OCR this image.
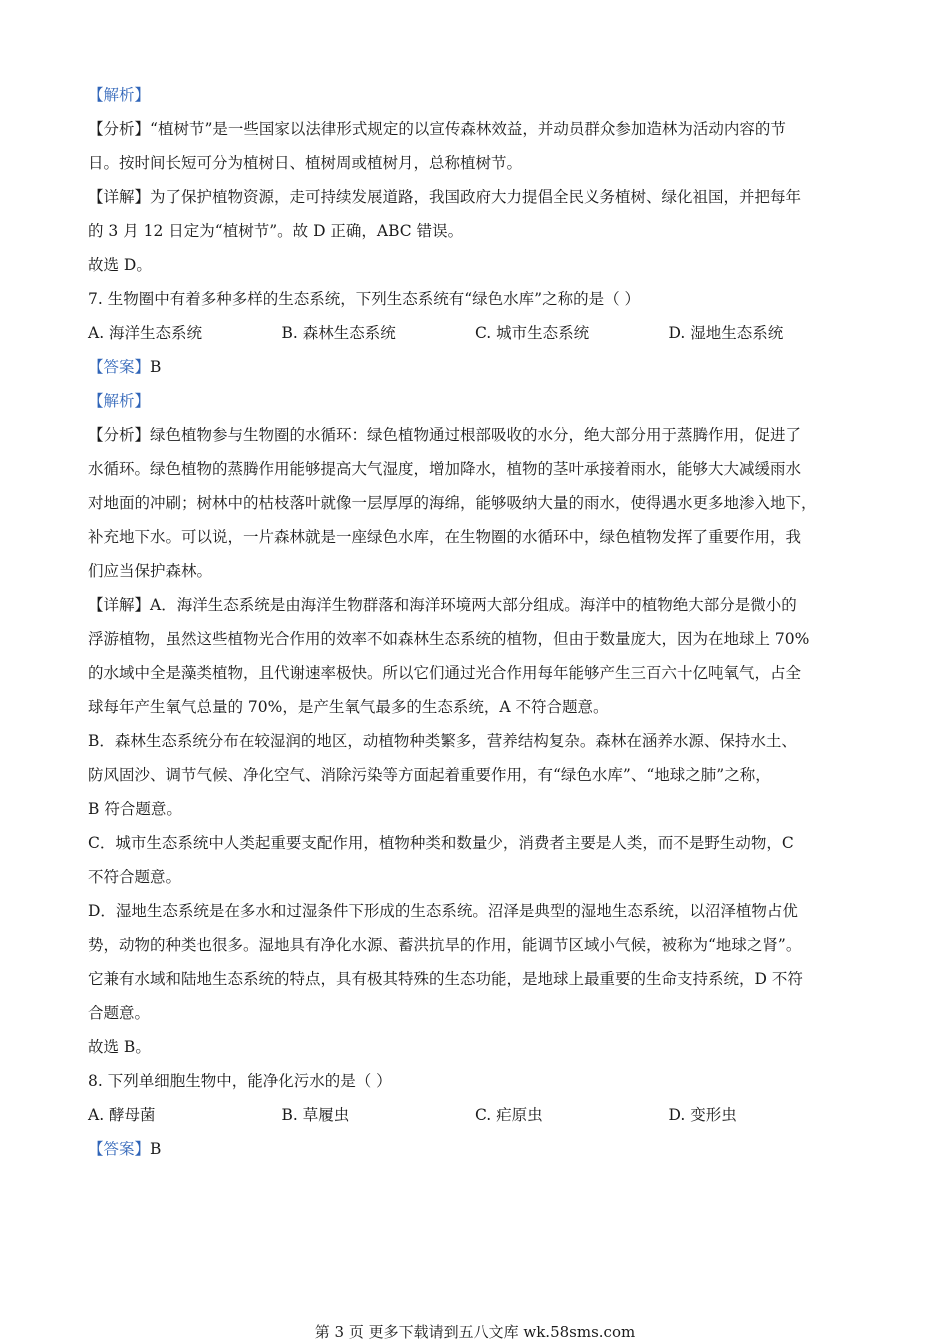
【解析】
【分析】“植树节”是一些国家以法律形式规定的以宣传森林效益，并动员群众参加造林为活动内容的节
日。按时间长短可分为植树日、植树周或植树月，总称植树节。
【详解】为了保护植物资源，走可持续发展道路，我国政府大力提倡全民义务植树、绿化祖国，并把每年
的 3 月 12 日定为“植树节”。故 D 正确，ABC 错误。
故选 D。
7. 生物圈中有着多种多样的生态系统，下列生态系统有“绿色水库”之称的是（ ）
A. 海洋生态系统	B. 森林生态系统	C. 城市生态系统	D. 湿地生态系统
【答案】B
【解析】
【分析】绿色植物参与生物圈的水循环：绿色植物通过根部吸收的水分，绝大部分用于蒸腾作用，促进了
水循环。绿色植物的蒸腾作用能够提高大气湿度，增加降水，植物的茎叶承接着雨水，能够大大减缓雨水
对地面的冲刷；树林中的枯枝落叶就像一层厚厚的海绵，能够吸纳大量的雨水，使得遇水更多地渗入地下，
补充地下水。可以说，一片森林就是一座绿色水库，在生物圈的水循环中，绿色植物发挥了重要作用，我
们应当保护森林。
【详解】A．海洋生态系统是由海洋生物群落和海洋环境两大部分组成。海洋中的植物绝大部分是微小的
浮游植物，虽然这些植物光合作用的效率不如森林生态系统的植物，但由于数量庞大，因为在地球上 70%
的水域中全是藻类植物，且代谢速率极快。所以它们通过光合作用每年能够产生三百六十亿吨氧气，占全
球每年产生氧气总量的 70%，是产生氧气最多的生态系统，A 不符合题意。
B．森林生态系统分布在较湿润的地区，动植物种类繁多，营养结构复杂。森林在涵养水源、保持水土、
防风固沙、调节气候、净化空气、消除污染等方面起着重要作用，有“绿色水库”、“地球之肺”之称，
B 符合题意。
C．城市生态系统中人类起重要支配作用，植物种类和数量少，消费者主要是人类，而不是野生动物，C
不符合题意。
D．湿地生态系统是在多水和过湿条件下形成的生态系统。沼泽是典型的湿地生态系统，以沼泽植物占优
势，动物的种类也很多。湿地具有净化水源、蓄洪抗旱的作用，能调节区域小气候，被称为“地球之肾”。
它兼有水域和陆地生态系统的特点，具有极其特殊的生态功能，是地球上最重要的生命支持系统，D 不符
合题意。
故选 B。
8. 下列单细胞生物中，能净化污水的是（ ）
A. 酵母菌	B. 草履虫	C. 疟原虫	D. 变形虫
【答案】B
第 3 页 更多下载请到五八文库 wk.58sms.com
